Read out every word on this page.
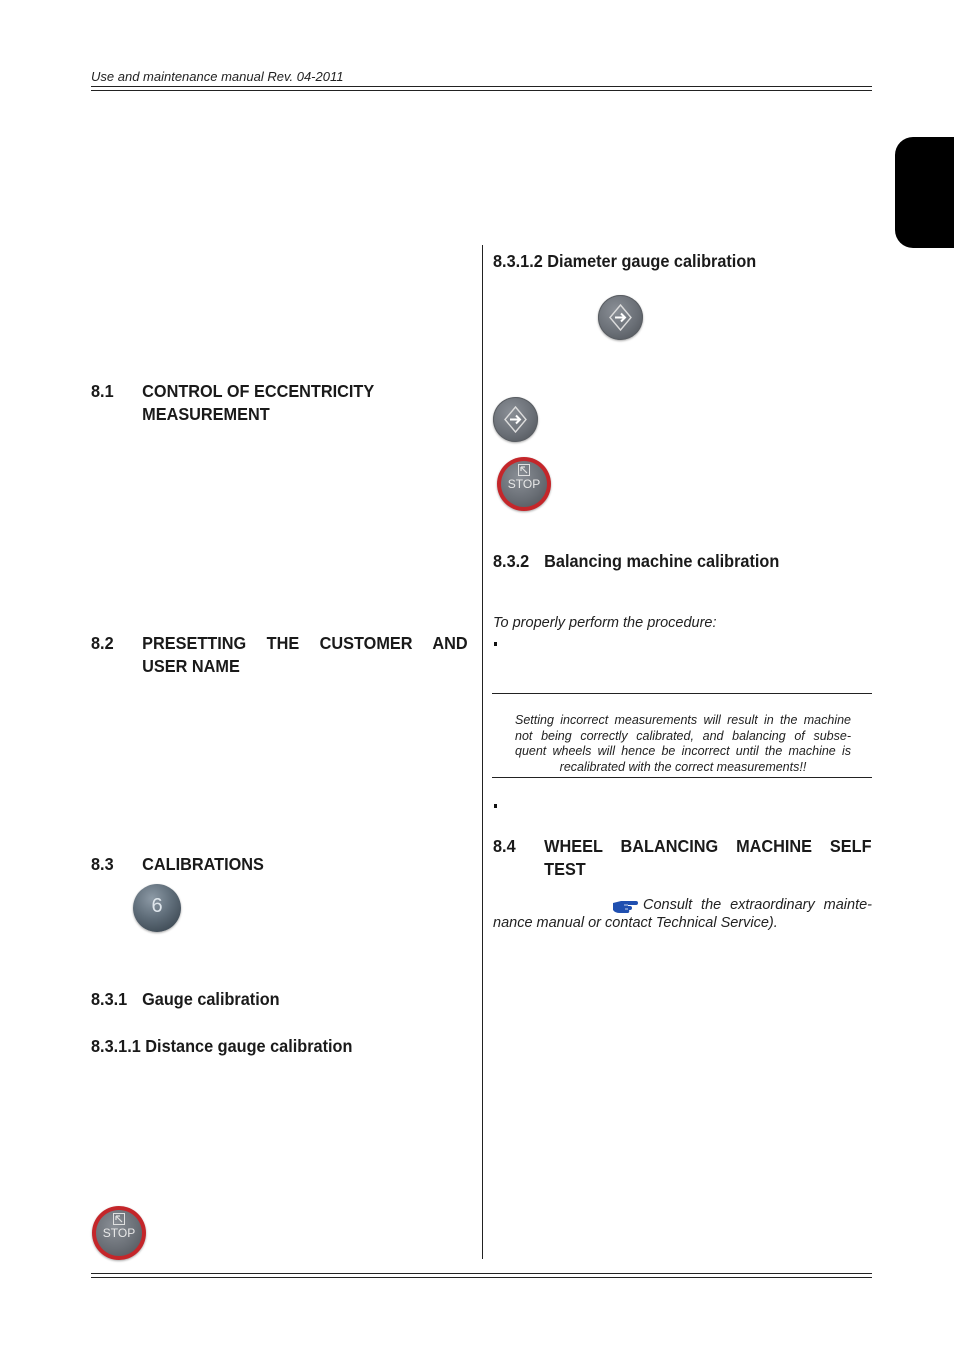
Use and maintenance manual Rev. 04-2011
8.1 CONTROL OF ECCENTRICITY
MEASUREMENT
8.2 PRESETTING THE CUSTOMER AND
USER NAME
8.3 CALIBRATIONS
6
8.3.1 Gauge calibration
8.3.1.1 Distance gauge calibration
STOP
8.3.1.2 Diameter gauge calibration
STOP
8.3.2 Balancing machine calibration
To properly perform the procedure:
Setting incorrect measurements will result in the machine
not being correctly calibrated, and balancing of subse-
quent wheels will hence be incorrect until the machine is
recalibrated with the correct measurements!!
8.4 WHEEL BALANCING MACHINE SELF
TEST
Consult the extraordinary mainte-
nance manual or contact Technical Service).
